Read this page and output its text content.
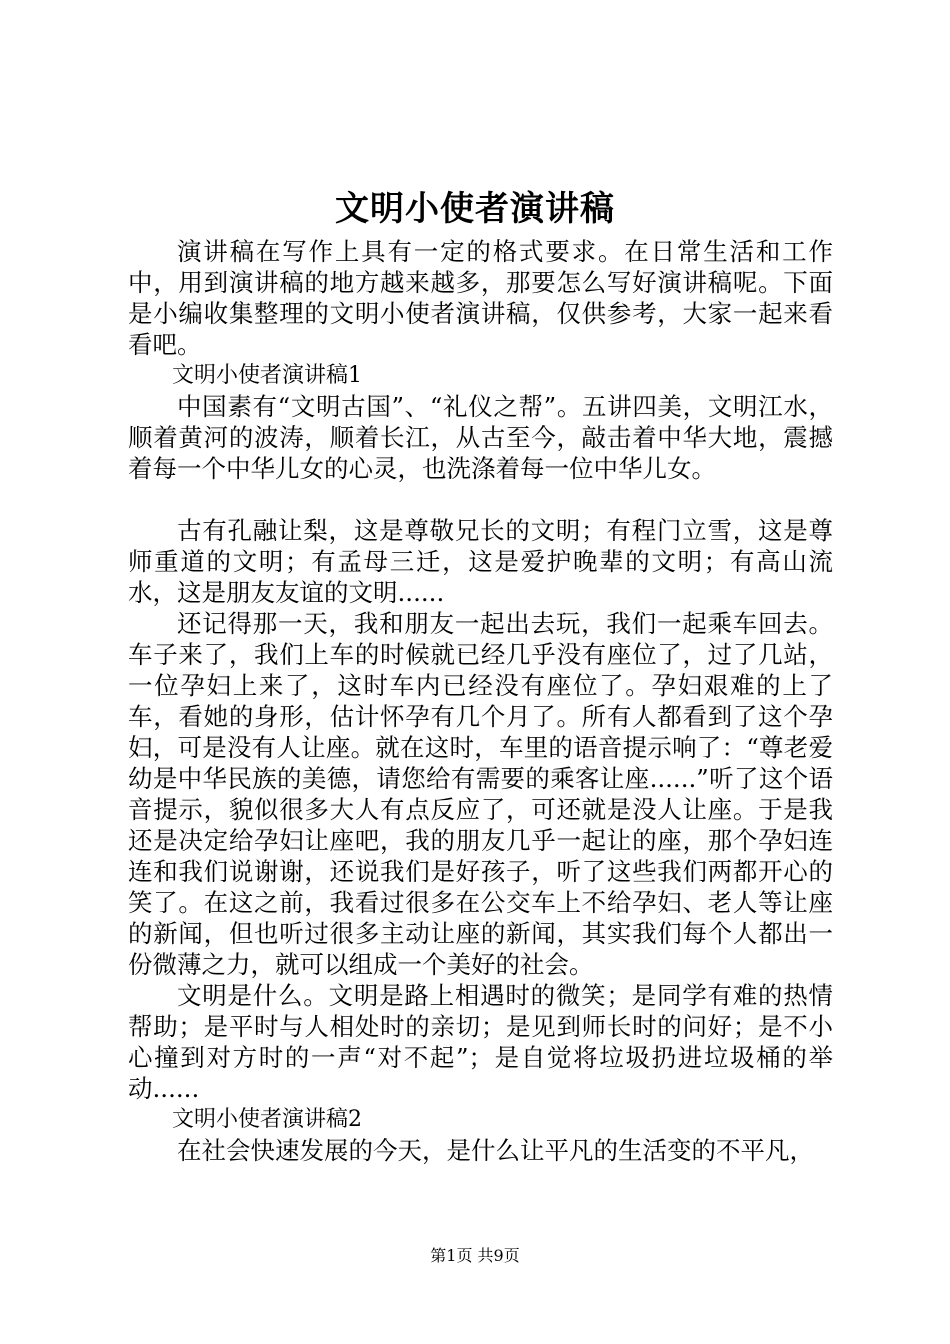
文明小使者演讲稿

演讲稿在写作上具有一定的格式要求。在日常生活和工作中，用到演讲稿的地方越来越多，那要怎么写好演讲稿呢。下面是小编收集整理的文明小使者演讲稿，仅供参考，大家一起来看看吧。

文明小使者演讲稿1

中国素有“文明古国”、“礼仪之帮”。五讲四美，文明江水，顺着黄河的波涛，顺着长江，从古至今，敲击着中华大地，震撼着每一个中华儿女的心灵，也洗涤着每一位中华儿女。

古有孔融让梨，这是尊敬兄长的文明；有程门立雪，这是尊师重道的文明；有孟母三迁，这是爱护晚辈的文明；有高山流水，这是朋友友谊的文明......

还记得那一天，我和朋友一起出去玩，我们一起乘车回去。车子来了，我们上车的时候就已经几乎没有座位了，过了几站，一位孕妇上来了，这时车内已经没有座位了。孕妇艰难的上了车，看她的身形，估计怀孕有几个月了。所有人都看到了这个孕妇，可是没有人让座。就在这时，车里的语音提示响了：“尊老爱幼是中华民族的美德，请您给有需要的乘客让座......”听了这个语音提示，貌似很多大人有点反应了，可还就是没人让座。于是我还是决定给孕妇让座吧，我的朋友几乎一起让的座，那个孕妇连连和我们说谢谢，还说我们是好孩子，听了这些我们两都开心的笑了。在这之前，我看过很多在公交车上不给孕妇、老人等让座的新闻，但也听过很多主动让座的新闻，其实我们每个人都出一份微薄之力，就可以组成一个美好的社会。

文明是什么。文明是路上相遇时的微笑；是同学有难的热情帮助；是平时与人相处时的亲切；是见到师长时的问好；是不小心撞到对方时的一声“对不起”；是自觉将垃圾扔进垃圾桶的举动......

文明小使者演讲稿2

在社会快速发展的今天，是什么让平凡的生活变的不平凡，

第1页 共9页
